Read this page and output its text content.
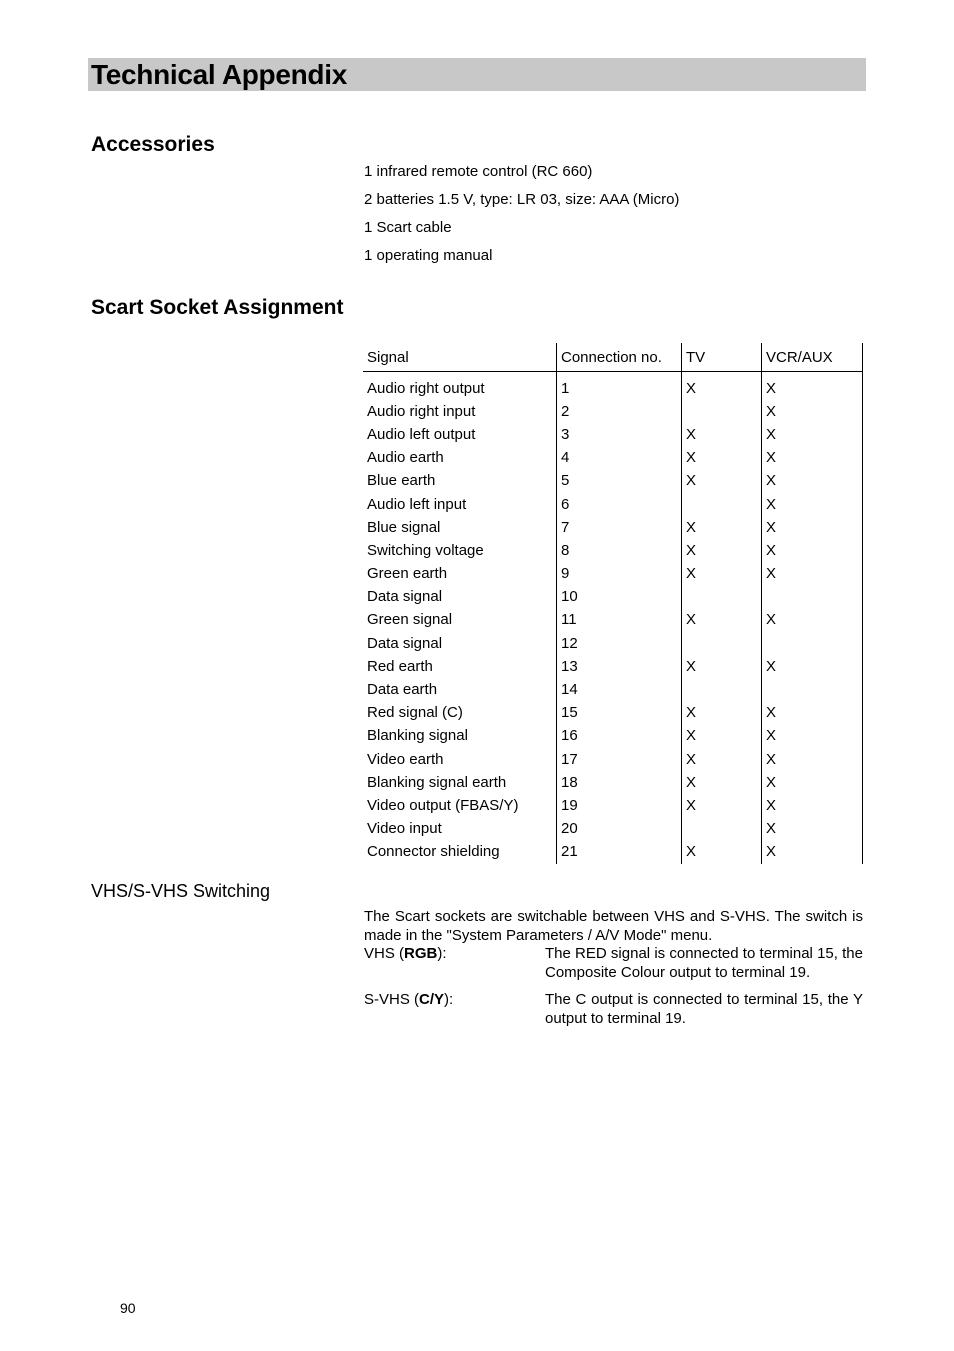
Technical Appendix
Accessories
1 infrared remote control (RC 660)
2 batteries 1.5 V, type: LR 03, size: AAA (Micro)
1 Scart cable
1 operating manual
Scart Socket Assignment
Signal	Connection no.	TV	VCR/AUX
Audio right output	1	X	X
Audio right input	2		X
Audio left output	3	X	X
Audio earth	4	X	X
Blue earth	5	X	X
Audio left input	6		X
Blue signal	7	X	X
Switching voltage	8	X	X
Green earth	9	X	X
Data signal	10		
Green signal	11	X	X
Data signal	12		
Red earth	13	X	X
Data earth	14		
Red signal (C)	15	X	X
Blanking signal	16	X	X
Video earth	17	X	X
Blanking signal earth	18	X	X
Video output (FBAS/Y)	19	X	X
Video input	20		X
Connector shielding	21	X	X
VHS/S-VHS Switching
The Scart sockets are switchable between VHS and S-VHS. The switch is made in the "System Parameters / A/V Mode" menu.
VHS (RGB):	The RED signal is connected to terminal 15, the Composite Colour output to terminal 19.
S-VHS (C/Y):	The C output is connected to terminal 15, the Y output to terminal 19.
90
